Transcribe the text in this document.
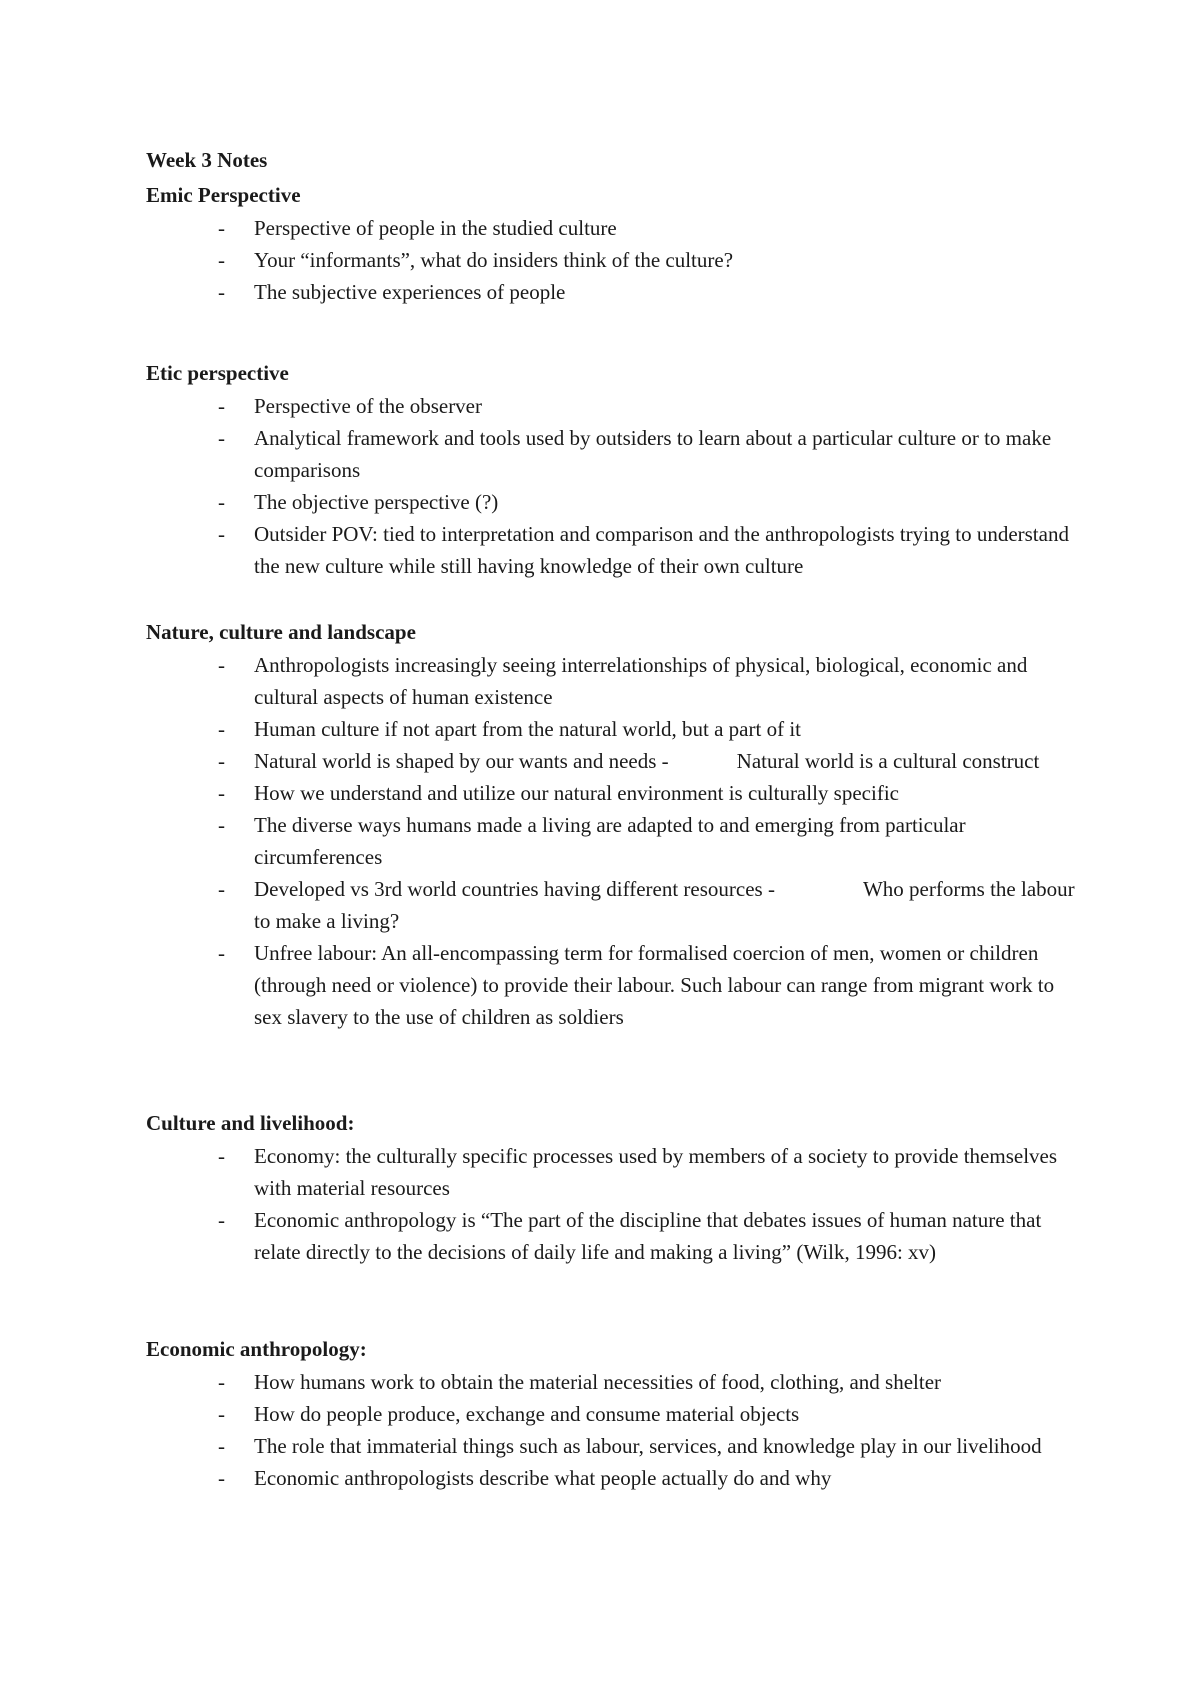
Week 3 Notes
Emic Perspective
- Perspective of people in the studied culture
- Your “informants”, what do insiders think of the culture?
- The subjective experiences of people
Etic perspective
- Perspective of the observer
- Analytical framework and tools used by outsiders to learn about a particular culture or to make comparisons
- The objective perspective (?)
- Outsider POV: tied to interpretation and comparison and the anthropologists trying to understand the new culture while still having knowledge of their own culture
Nature, culture and landscape
- Anthropologists increasingly seeing interrelationships of physical, biological, economic and cultural aspects of human existence
- Human culture if not apart from the natural world, but a part of it
- Natural world is shaped by our wants and needs -	Natural world is a cultural construct
- How we understand and utilize our natural environment is culturally specific
- The diverse ways humans made a living are adapted to and emerging from particular circumferences
- Developed vs 3rd world countries having different resources -	Who performs the labour to make a living?
- Unfree labour: An all-encompassing term for formalised coercion of men, women or children (through need or violence) to provide their labour. Such labour can range from migrant work to sex slavery to the use of children as soldiers
Culture and livelihood:
- Economy: the culturally specific processes used by members of a society to provide themselves with material resources
- Economic anthropology is “The part of the discipline that debates issues of human nature that relate directly to the decisions of daily life and making a living” (Wilk, 1996: xv)
Economic anthropology:
- How humans work to obtain the material necessities of food, clothing, and shelter
- How do people produce, exchange and consume material objects
- The role that immaterial things such as labour, services, and knowledge play in our livelihood
- Economic anthropologists describe what people actually do and why
